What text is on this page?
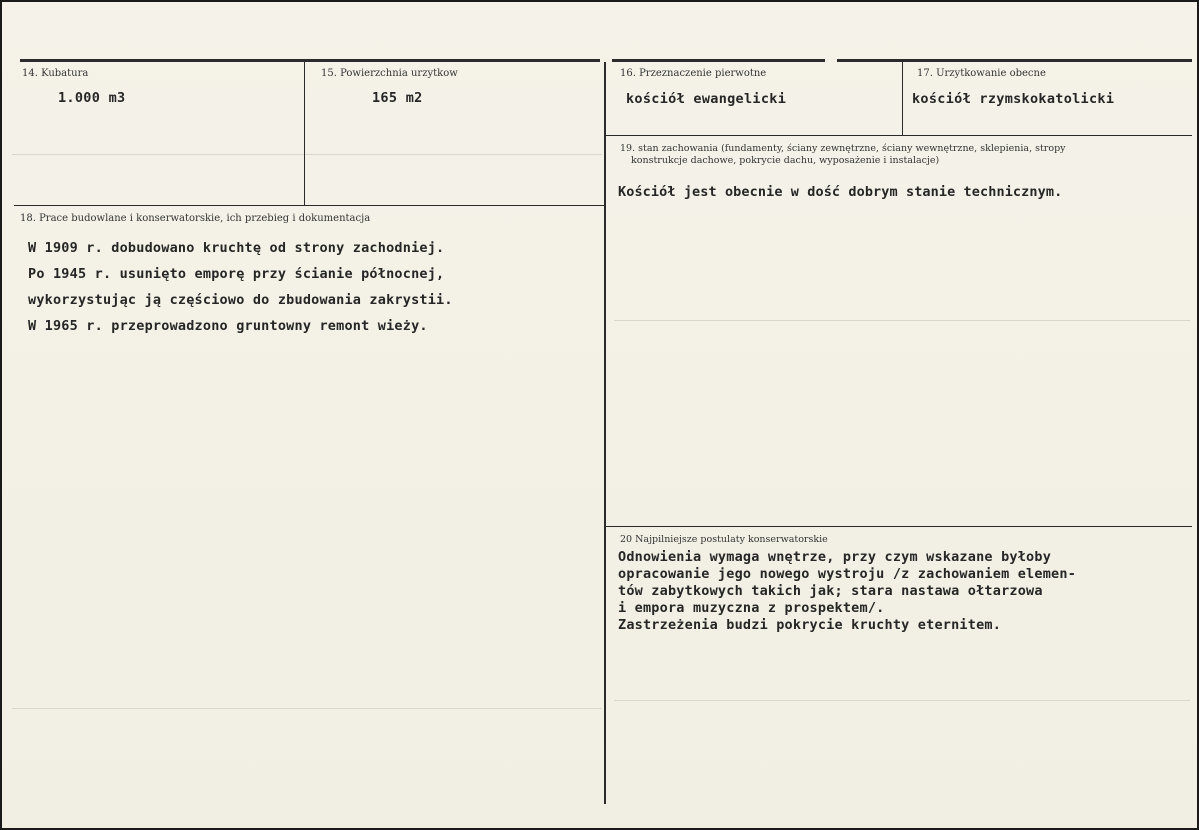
14. Kubatura
1.000 m3
15. Powierzchnia urzytkow
165 m2
16. Przeznaczenie pierwotne
kościół ewangelicki
17. Urzytkowanie obecne
kościół rzymskokatolicki
18. Prace budowlane i konserwatorskie, ich przebieg i dokumentacja
W 1909 r. dobudowano kruchtę od strony zachodniej.
Po 1945 r. usunięto emporę przy ścianie północnej,
wykorzystując ją częściowo do zbudowania zakrystii.
W 1965 r. przeprowadzono gruntowny remont wieży.
19. stan zachowania (fundamenty, ściany zewnętrzne, ściany wewnętrzne, sklepienia, stropy
konstrukcje dachowe, pokrycie dachu, wyposażenie i instalacje)
Kościół jest obecnie w dość dobrym stanie technicznym.
20 Najpilniejsze postulaty konserwatorskie
Odnowienia wymaga wnętrze, przy czym wskazane byłoby
opracowanie jego nowego wystroju /z zachowaniem elemen-
tów zabytkowych takich jak; stara nastawa ołtarzowa
i empora muzyczna z prospektem/.
Zastrzeżenia budzi pokrycie kruchty eternitem.
